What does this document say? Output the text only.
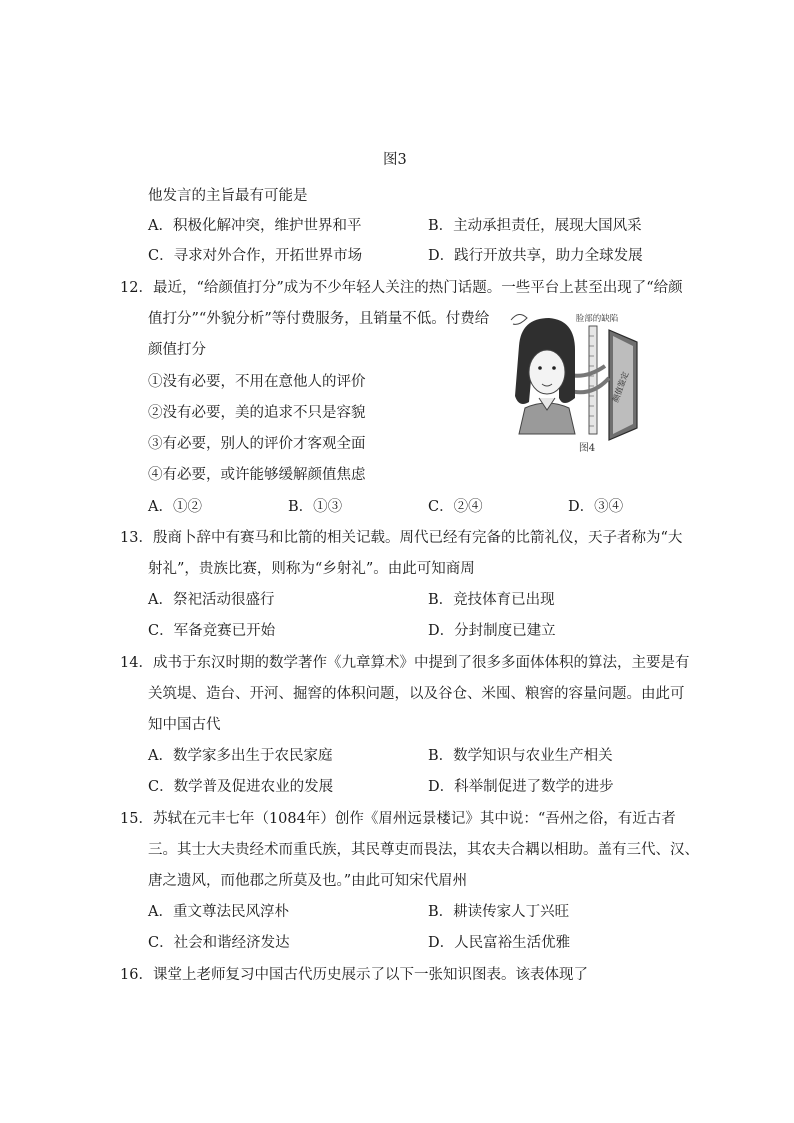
图3
他发言的主旨最有可能是
A．积极化解冲突，维护世界和平	B．主动承担责任，展现大国风采
C．寻求对外合作，开拓世界市场	D．践行开放共享，助力全球发展
12．最近，“给颜值打分”成为不少年轻人关注的热门话题。一些平台上甚至出现了“给颜
值打分”“外貌分析”等付费服务，且销量不低。付费给
颜值打分
①没有必要，不用在意他人的评价
②没有必要，美的追求不只是容貌
③有必要，别人的评价才客观全面
④有必要，或许能够缓解颜值焦虑
A．①②	B．①③	C．②④	D．③④
脸部的缺陷
颜值鉴定
图4
13．殷商卜辞中有赛马和比箭的相关记载。周代已经有完备的比箭礼仪，天子者称为“大
射礼”，贵族比赛，则称为“乡射礼”。由此可知商周
A．祭祀活动很盛行	B．竞技体育已出现
C．军备竞赛已开始	D．分封制度已建立
14．成书于东汉时期的数学著作《九章算术》中提到了很多多面体体积的算法，主要是有
关筑堤、造台、开河、掘窖的体积问题，以及谷仓、米囤、粮窖的容量问题。由此可
知中国古代
A．数学家多出生于农民家庭	B．数学知识与农业生产相关
C．数学普及促进农业的发展	D．科举制促进了数学的进步
15．苏轼在元丰七年（1084年）创作《眉州远景楼记》其中说：“吾州之俗，有近古者
三。其士大夫贵经术而重氏族，其民尊吏而畏法，其农夫合耦以相助。盖有三代、汉、
唐之遗风，而他郡之所莫及也。”由此可知宋代眉州
A．重文尊法民风淳朴	B．耕读传家人丁兴旺
C．社会和谐经济发达	D．人民富裕生活优雅
16．课堂上老师复习中国古代历史展示了以下一张知识图表。该表体现了
